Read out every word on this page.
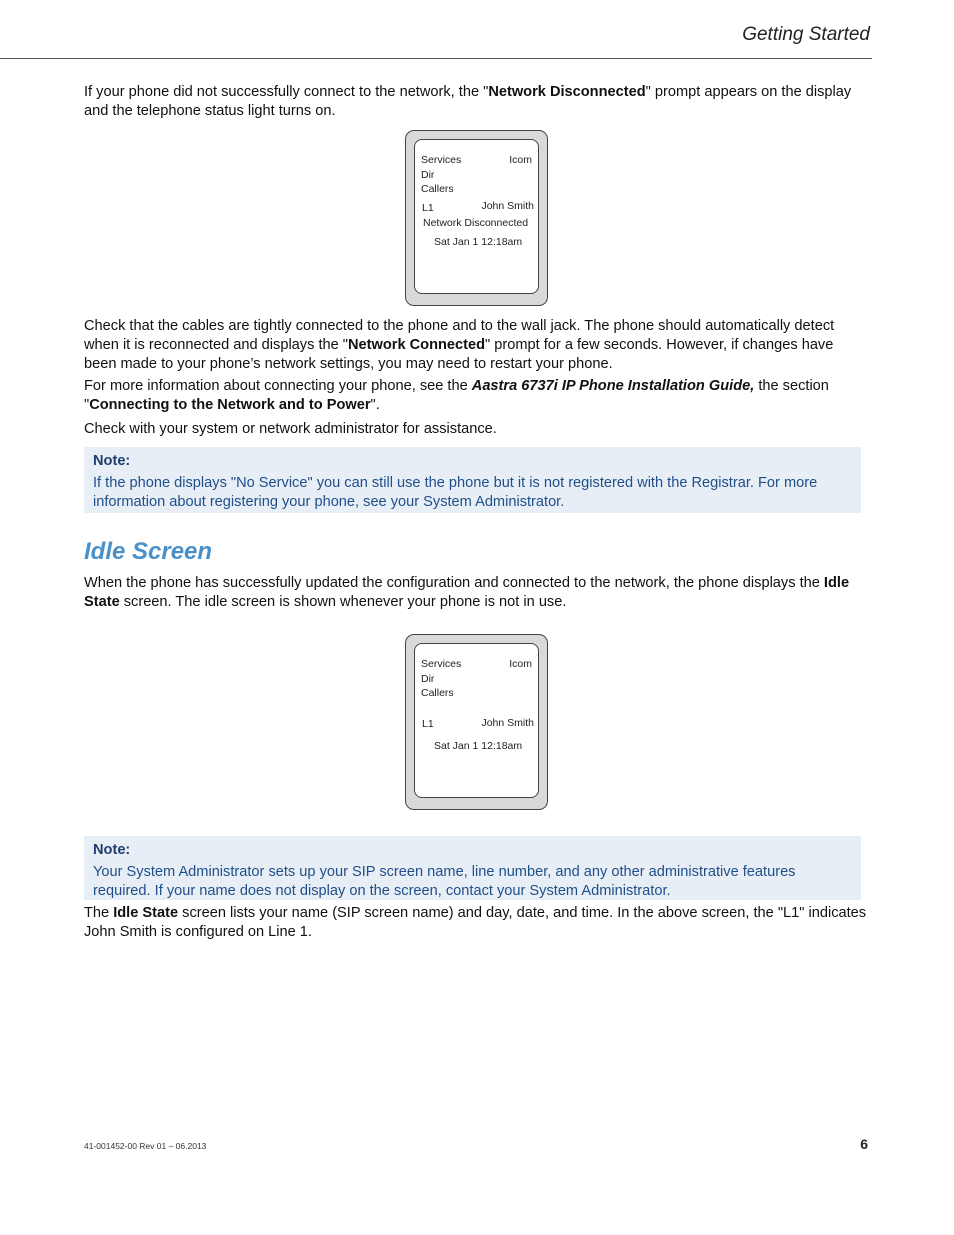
Getting Started

If your phone did not successfully connect to the network, the "Network Disconnected" prompt appears on the display and the telephone status light turns on.

Services	Icom
Dir
Callers
L1	John Smith
Network Disconnected
Sat Jan 1 12:18am

Check that the cables are tightly connected to the phone and to the wall jack. The phone should automatically detect when it is reconnected and displays the "Network Connected" prompt for a few seconds. However, if changes have been made to your phone’s network settings, you may need to restart your phone.

For more information about connecting your phone, see the Aastra 6737i IP Phone Installation Guide, the section "Connecting to the Network and to Power".

Check with your system or network administrator for assistance.

Note:
If the phone displays "No Service" you can still use the phone but it is not registered with the Registrar. For more information about registering your phone, see your System Administrator.
Idle Screen

When the phone has successfully updated the configuration and connected to the network, the phone displays the Idle State screen. The idle screen is shown whenever your phone is not in use.

Services	Icom
Dir
Callers
L1	John Smith
Sat Jan 1 12:18am
Note:
Your System Administrator sets up your SIP screen name, line number, and any other administrative features required. If your name does not display on the screen, contact your System Administrator.

The Idle State screen lists your name (SIP screen name) and day, date, and time. In the above screen, the "L1" indicates John Smith is configured on Line 1.

41-001452-00 Rev 01 – 06.2013	6
